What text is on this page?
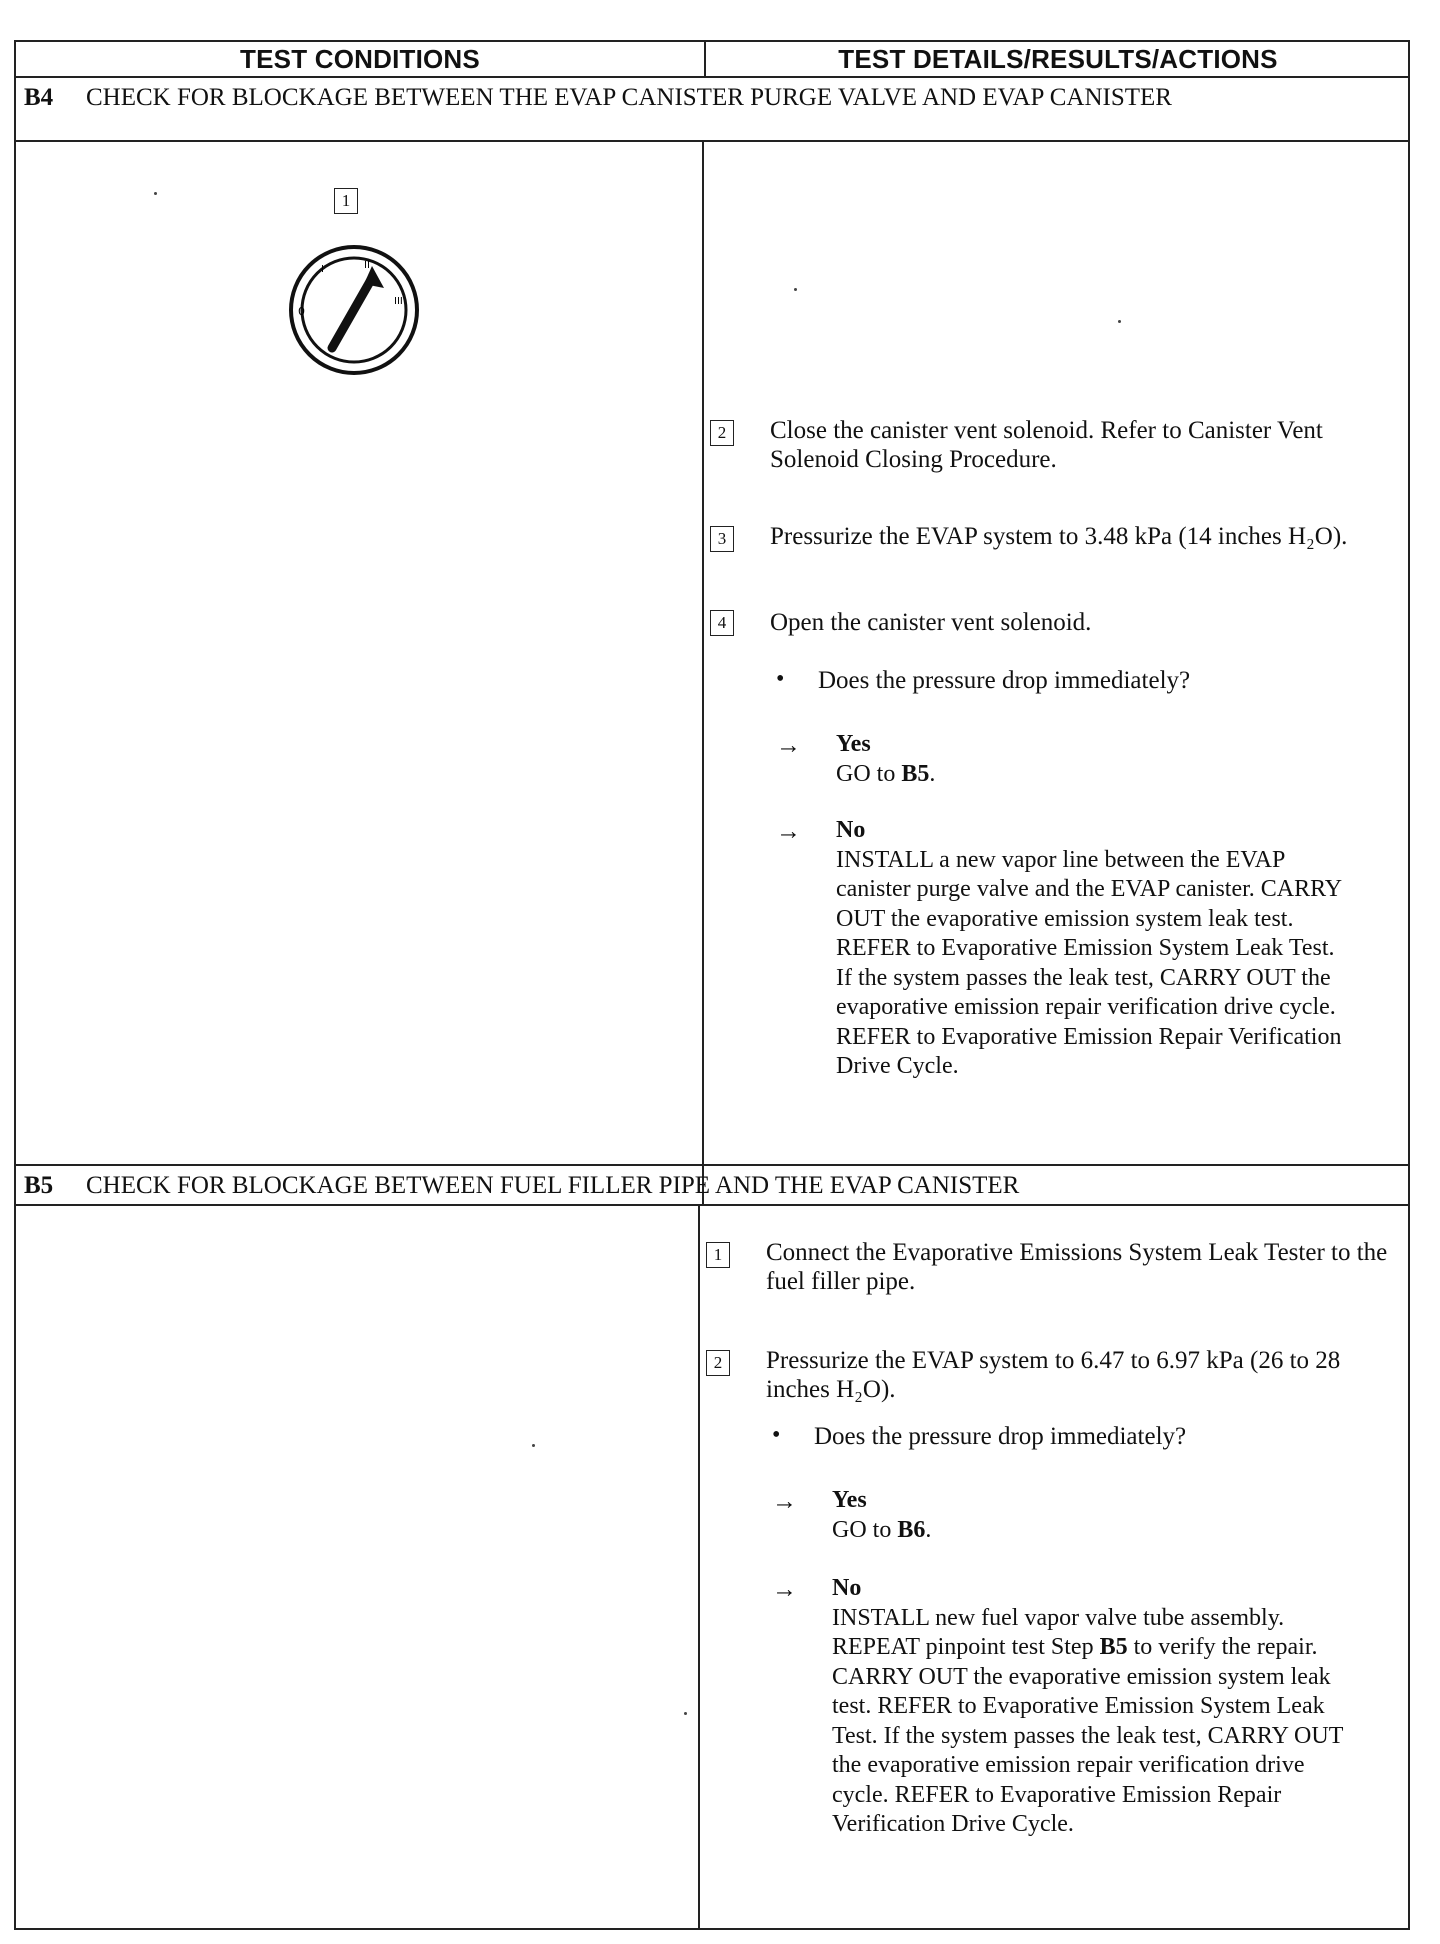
TEST CONDITIONS	TEST DETAILS/RESULTS/ACTIONS
B4 CHECK FOR BLOCKAGE BETWEEN THE EVAP CANISTER PURGE VALVE AND EVAP CANISTER
1
0
I	II
III
2	Close the canister vent solenoid. Refer to Canister Vent Solenoid Closing Procedure.
3	Pressurize the EVAP system to 3.48 kPa (14 inches H₂O).
4	Open the canister vent solenoid.
• Does the pressure drop immediately?
→ Yes
GO to B5.
→ No
INSTALL a new vapor line between the EVAP canister purge valve and the EVAP canister. CARRY OUT the evaporative emission system leak test. REFER to Evaporative Emission System Leak Test. If the system passes the leak test, CARRY OUT the evaporative emission repair verification drive cycle. REFER to Evaporative Emission Repair Verification Drive Cycle.
B5 CHECK FOR BLOCKAGE BETWEEN FUEL FILLER PIPE AND THE EVAP CANISTER
1	Connect the Evaporative Emissions System Leak Tester to the fuel filler pipe.
2	Pressurize the EVAP system to 6.47 to 6.97 kPa (26 to 28 inches H₂O).
• Does the pressure drop immediately?
→ Yes
GO to B6.
→ No
INSTALL new fuel vapor valve tube assembly. REPEAT pinpoint test Step B5 to verify the repair. CARRY OUT the evaporative emission system leak test. REFER to Evaporative Emission System Leak Test. If the system passes the leak test, CARRY OUT the evaporative emission repair verification drive cycle. REFER to Evaporative Emission Repair Verification Drive Cycle.
